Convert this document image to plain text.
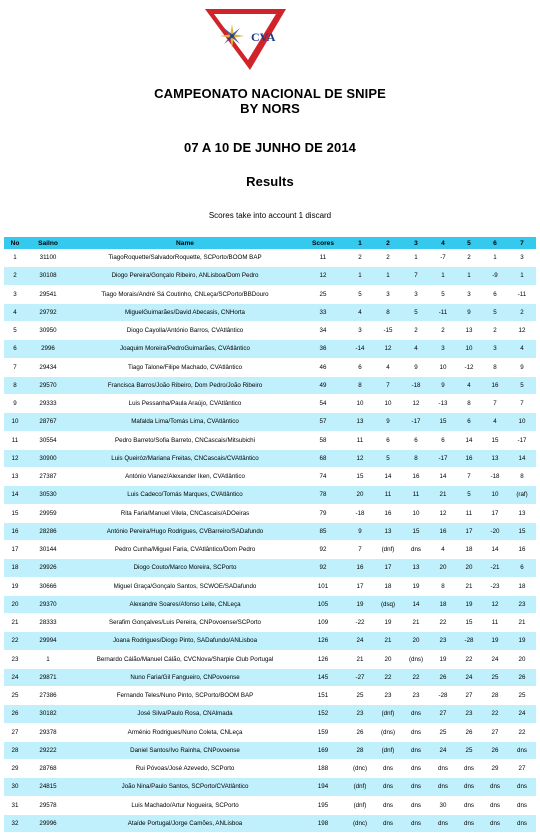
CVA
CAMPEONATO NACIONAL DE SNIPE
BY NORS
07 A 10 DE JUNHO DE 2014
Results
Scores take into account 1 discard
No	Sailno	Name	Scores	1	2	3	4	5	6	7
1	31100	TiagoRoquette/SalvadorRoquette, SCPorto/BOOM BAP	11	2	2	1	-7	2	1	3
2	30108	Diogo Pereira/Gonçalo Ribeiro, ANLisboa/Dom Pedro	12	1	1	7	1	1	-9	1
3	29541	Tiago Morais/André Sá Coutinho, CNLeça/SCPorto/BBDouro	25	5	3	3	5	3	6	-11
4	29792	MiguelGuimarães/David Abecasis, CNHorta	33	4	8	5	-11	9	5	2
5	30950	Diogo Cayolla/António Barros, CVAtlântico	34	3	-15	2	2	13	2	12
6	2996	Joaquim Moreira/PedroGuimarães, CVAtlântico	36	-14	12	4	3	10	3	4
7	29434	Tiago Talone/Filipe Machado, CVAtlântico	46	6	4	9	10	-12	8	9
8	29570	Francisca Barros/João Ribeiro, Dom Pedro/João Ribeiro	49	8	7	-18	9	4	16	5
9	29333	Luis Pessanha/Paula Araújo, CVAtlântico	54	10	10	12	-13	8	7	7
10	28767	Mafalda Lima/Tomás Lima, CVAtlântico	57	13	9	-17	15	6	4	10
11	30554	Pedro Barreto/Sofia Barreto, CNCascais/Mitsubichi	58	11	6	6	6	14	15	-17
12	30900	Luis Queiróz/Mariana Freitas, CNCascais/CVAtlântico	68	12	5	8	-17	16	13	14
13	27387	António Vianez/Alexander Iken, CVAtlântico	74	15	14	16	14	7	-18	8
14	30530	Luis Cadeco/Tomás Marques, CVAtlântico	78	20	11	11	21	5	10	(raf)
15	29959	Rita Faria/Manuel Vilela, CNCascais/ADOeiras	79	-18	16	10	12	11	17	13
16	28286	António Pereira/Hugo Rodrigues, CVBarreiro/SADafundo	85	9	13	15	16	17	-20	15
17	30144	Pedro Cunha/Miguel Faria, CVAtlântico/Dom Pedro	92	7	(dnf)	dns	4	18	14	16
18	29926	Diogo Couto/Marco Moreira, SCPorto	92	16	17	13	20	20	-21	6
19	30666	Miguel Graça/Gonçalo Santos, SCWOE/SADafundo	101	17	18	19	8	21	-23	18
20	29370	Alexandre Soares/Afonso Leite, CNLeça	105	19	(dsq)	14	18	19	12	23
21	28333	Serafim Gonçalves/Luis Pereira, CNPovoense/SCPorto	109	-22	19	21	22	15	11	21
22	29994	Joana Rodrigues/Diogo Pinto, SADafundo/ANLisboa	126	24	21	20	23	-28	19	19
23	1	Bernardo Cálão/Manuel Cálão, CVCNova/Sharpie Club Portugal	126	21	20	(dns)	19	22	24	20
24	29871	Nuno Faria/Gil Fangueiro, CNPovoense	145	-27	22	22	26	24	25	26
25	27386	Fernando Teles/Nuno Pinto, SCPorto/BOOM BAP	151	25	23	23	-28	27	28	25
26	30182	José Silva/Paulo Rosa, CNAlmada	152	23	(dnf)	dns	27	23	22	24
27	29378	Arménio Rodrigues/Nuno Coleta, CNLeça	159	26	(dns)	dns	25	26	27	22
28	29222	Daniel Santos/Ivo Rainha, CNPovoense	169	28	(dnf)	dns	24	25	26	dns
29	28768	Rui Póvoas/José Azevedo, SCPorto	188	(dnc)	dns	dns	dns	dns	29	27
30	24815	João Nina/Paulo Santos, SCPorto/CVAtlântico	194	(dnf)	dns	dns	dns	dns	dns	dns
31	29578	Luis Machado/Artur Nogueira, SCPorto	195	(dnf)	dns	dns	30	dns	dns	dns
32	29996	Ataíde Portugal/Jorge Camões, ANLisboa	198	(dnc)	dns	dns	dns	dns	dns	dns
